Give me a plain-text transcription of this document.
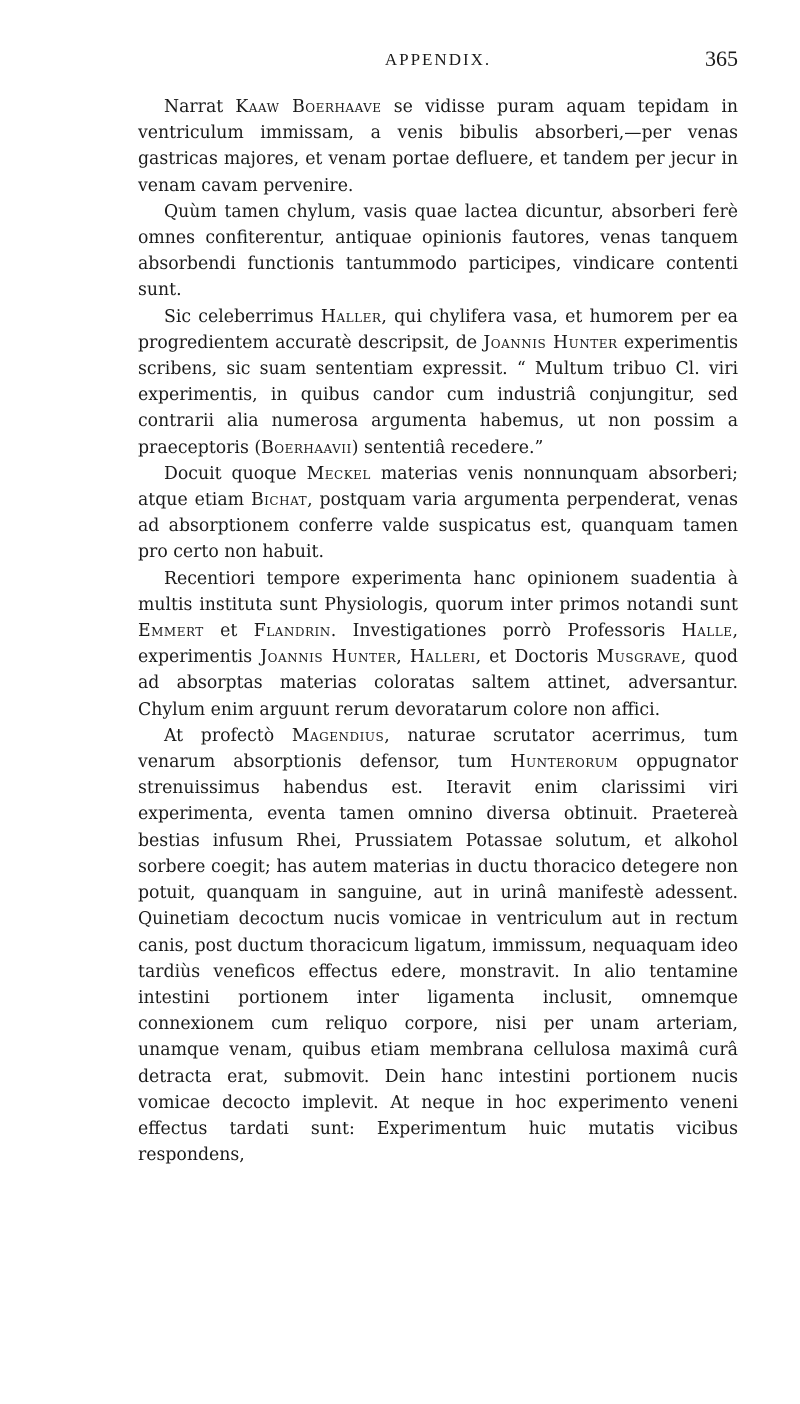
APPENDIX.	365

Narrat Kaaw Boerhaave se vidisse puram aquam tepidam in ventriculum immissam, a venis bibulis absorberi,—per venas gastricas majores, et venam portae defluere, et tandem per jecur in venam cavam pervenire.

Quùm tamen chylum, vasis quae lactea dicuntur, absorberi ferè omnes confiterentur, antiquae opinionis fautores, venas tanquem absorbendi functionis tantummodo participes, vindicare contenti sunt.

Sic celeberrimus Haller, qui chylifera vasa, et humorem per ea progredientem accuratè descripsit, de Joannis Hunter experimentis scribens, sic suam sententiam expressit. “ Multum tribuo Cl. viri experimentis, in quibus candor cum industriâ conjungitur, sed contrarii alia numerosa argumenta habemus, ut non possim a praeceptoris (Boerhaavii) sententiâ recedere.”

Docuit quoque Meckel materias venis nonnunquam absorberi; atque etiam Bichat, postquam varia argumenta perpenderat, venas ad absorptionem conferre valde suspicatus est, quanquam tamen pro certo non habuit.

Recentiori tempore experimenta hanc opinionem suadentia à multis instituta sunt Physiologis, quorum inter primos notandi sunt Emmert et Flandrin. Investigationes porrò Professoris Halle, experimentis Joannis Hunter, Halleri, et Doctoris Musgrave, quod ad absorptas materias coloratas saltem attinet, adversantur. Chylum enim arguunt rerum devoratarum colore non affici.

At profectò Magendius, naturae scrutator acerrimus, tum venarum absorptionis defensor, tum Hunterorum oppugnator strenuissimus habendus est. Iteravit enim clarissimi viri experimenta, eventa tamen omnino diversa obtinuit. Praetereà bestias infusum Rhei, Prussiatem Potassae solutum, et alkohol sorbere coegit; has autem materias in ductu thoracico detegere non potuit, quanquam in sanguine, aut in urinâ manifestè adessent. Quinetiam decoctum nucis vomicae in ventriculum aut in rectum canis, post ductum thoracicum ligatum, immissum, nequaquam ideo tardiùs veneficos effectus edere, monstravit. In alio tentamine intestini portionem inter ligamenta inclusit, omnemque connexionem cum reliquo corpore, nisi per unam arteriam, unamque venam, quibus etiam membrana cellulosa maximâ curâ detracta erat, submovit. Dein hanc intestini portionem nucis vomicae decocto implevit. At neque in hoc experimento veneni effectus tardati sunt: Experimentum huic mutatis vicibus respondens,
